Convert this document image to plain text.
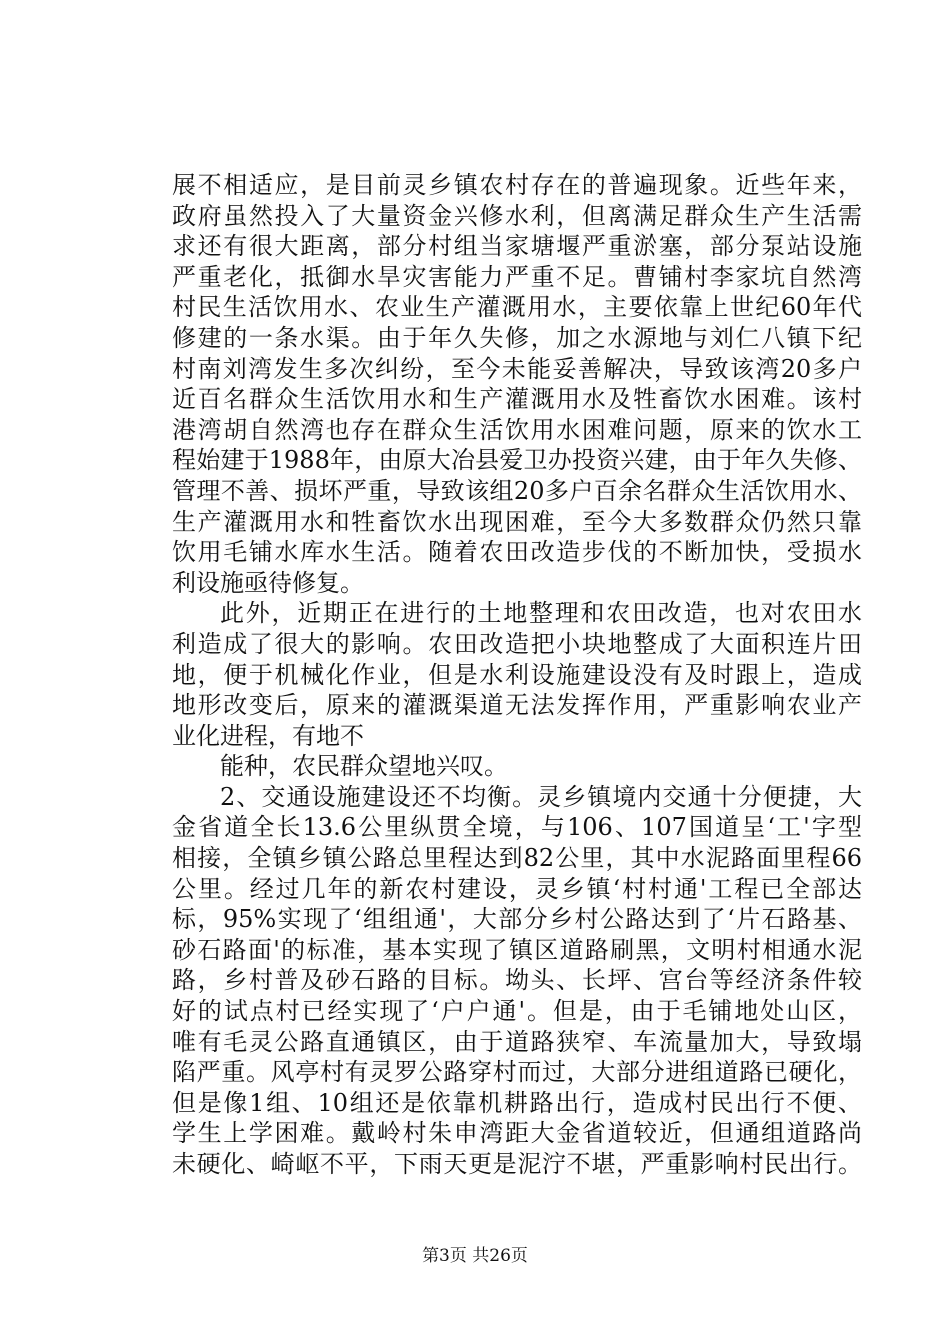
展不相适应，是目前灵乡镇农村存在的普遍现象。近些年来，
政府虽然投入了大量资金兴修水利，但离满足群众生产生活需
求还有很大距离，部分村组当家塘堰严重淤塞，部分泵站设施
严重老化，抵御水旱灾害能力严重不足。曹铺村李家坑自然湾
村民生活饮用水、农业生产灌溉用水，主要依靠上世纪60年代
修建的一条水渠。由于年久失修，加之水源地与刘仁八镇下纪
村南刘湾发生多次纠纷，至今未能妥善解决，导致该湾20多户
近百名群众生活饮用水和生产灌溉用水及牲畜饮水困难。该村
港湾胡自然湾也存在群众生活饮用水困难问题，原来的饮水工
程始建于1988年，由原大冶县爱卫办投资兴建，由于年久失修、
管理不善、损坏严重，导致该组20多户百余名群众生活饮用水、
生产灌溉用水和牲畜饮水出现困难，至今大多数群众仍然只靠
饮用毛铺水库水生活。随着农田改造步伐的不断加快，受损水
利设施亟待修复。
此外，近期正在进行的土地整理和农田改造，也对农田水
利造成了很大的影响。农田改造把小块地整成了大面积连片田
地，便于机械化作业，但是水利设施建设没有及时跟上，造成
地形改变后，原来的灌溉渠道无法发挥作用，严重影响农业产
业化进程，有地不
能种，农民群众望地兴叹。
2、交通设施建设还不均衡。灵乡镇境内交通十分便捷，大
金省道全长13.6公里纵贯全境，与106、107国道呈‘工'字型
相接，全镇乡镇公路总里程达到82公里，其中水泥路面里程66
公里。经过几年的新农村建设，灵乡镇‘村村通'工程已全部达
标，95%实现了‘组组通'，大部分乡村公路达到了‘片石路基、
砂石路面'的标准，基本实现了镇区道路刷黑，文明村相通水泥
路，乡村普及砂石路的目标。坳头、长坪、宫台等经济条件较
好的试点村已经实现了‘户户通'。但是，由于毛铺地处山区，
唯有毛灵公路直通镇区，由于道路狭窄、车流量加大，导致塌
陷严重。风亭村有灵罗公路穿村而过，大部分进组道路已硬化，
但是像1组、10组还是依靠机耕路出行，造成村民出行不便、
学生上学困难。戴岭村朱申湾距大金省道较近，但通组道路尚
未硬化、崎岖不平，下雨天更是泥泞不堪，严重影响村民出行。
第3页 共26页
